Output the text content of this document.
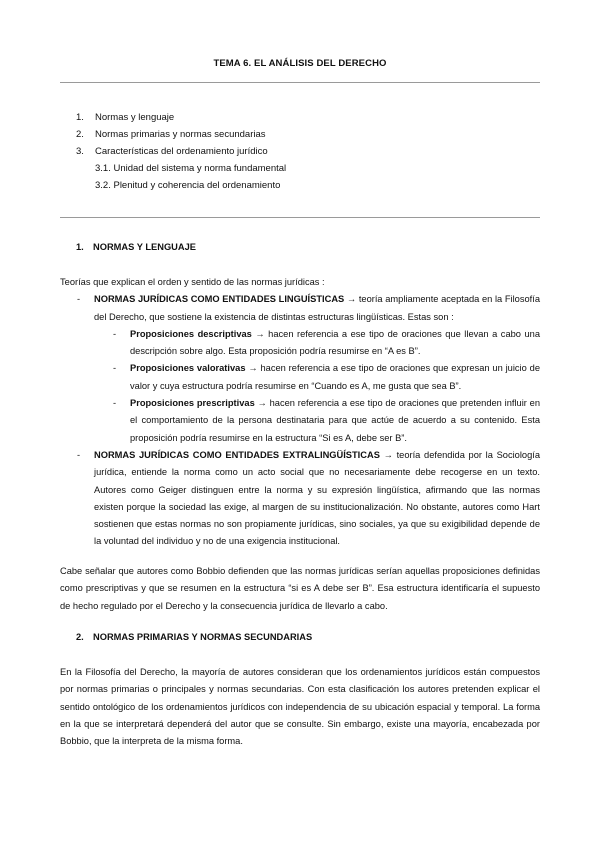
TEMA 6. EL ANÁLISIS DEL DERECHO
1. Normas y lenguaje
2. Normas primarias y normas secundarias
3. Características del ordenamiento jurídico
3.1. Unidad del sistema y norma fundamental
3.2. Plenitud y coherencia del ordenamiento
1. NORMAS Y LENGUAJE
Teorías que explican el orden y sentido de las normas jurídicas :
- NORMAS JURÍDICAS COMO ENTIDADES LINGUÍSTICAS → teoría ampliamente aceptada en la Filosofía del Derecho, que sostiene la existencia de distintas estructuras lingüísticas. Estas son :
- Proposiciones descriptivas → hacen referencia a ese tipo de oraciones que llevan a cabo una descripción sobre algo. Esta proposición podría resumirse en “A es B”.
- Proposiciones valorativas → hacen referencia a ese tipo de oraciones que expresan un juicio de valor y cuya estructura podría resumirse en “Cuando es A, me gusta que sea B”.
- Proposiciones prescriptivas → hacen referencia a ese tipo de oraciones que pretenden influir en el comportamiento de la persona destinataria para que actúe de acuerdo a su contenido. Esta proposición podría resumirse en la estructura “Si es A, debe ser B”.
- NORMAS JURÍDICAS COMO ENTIDADES EXTRALINGÜÍSTICAS → teoría defendida por la Sociología jurídica, entiende la norma como un acto social que no necesariamente debe recogerse en un texto. Autores como Geiger distinguen entre la norma y su expresión lingüística, afirmando que las normas existen porque la sociedad las exige, al margen de su institucionalización. No obstante, autores como Hart sostienen que estas normas no son propiamente jurídicas, sino sociales, ya que su exigibilidad depende de la voluntad del individuo y no de una exigencia institucional.
Cabe señalar que autores como Bobbio defienden que las normas jurídicas serían aquellas proposiciones definidas como prescriptivas y que se resumen en la estructura “si es A debe ser B”. Esa estructura identificaría el supuesto de hecho regulado por el Derecho y la consecuencia jurídica de llevarlo a cabo.
2. NORMAS PRIMARIAS Y NORMAS SECUNDARIAS
En la Filosofía del Derecho, la mayoría de autores consideran que los ordenamientos jurídicos están compuestos por normas primarias o principales y normas secundarias. Con esta clasificación los autores pretenden explicar el sentido ontológico de los ordenamientos jurídicos con independencia de su ubicación espacial y temporal. La forma en la que se interpretará dependerá del autor que se consulte. Sin embargo, existe una mayoría, encabezada por Bobbio, que la interpreta de la misma forma.
